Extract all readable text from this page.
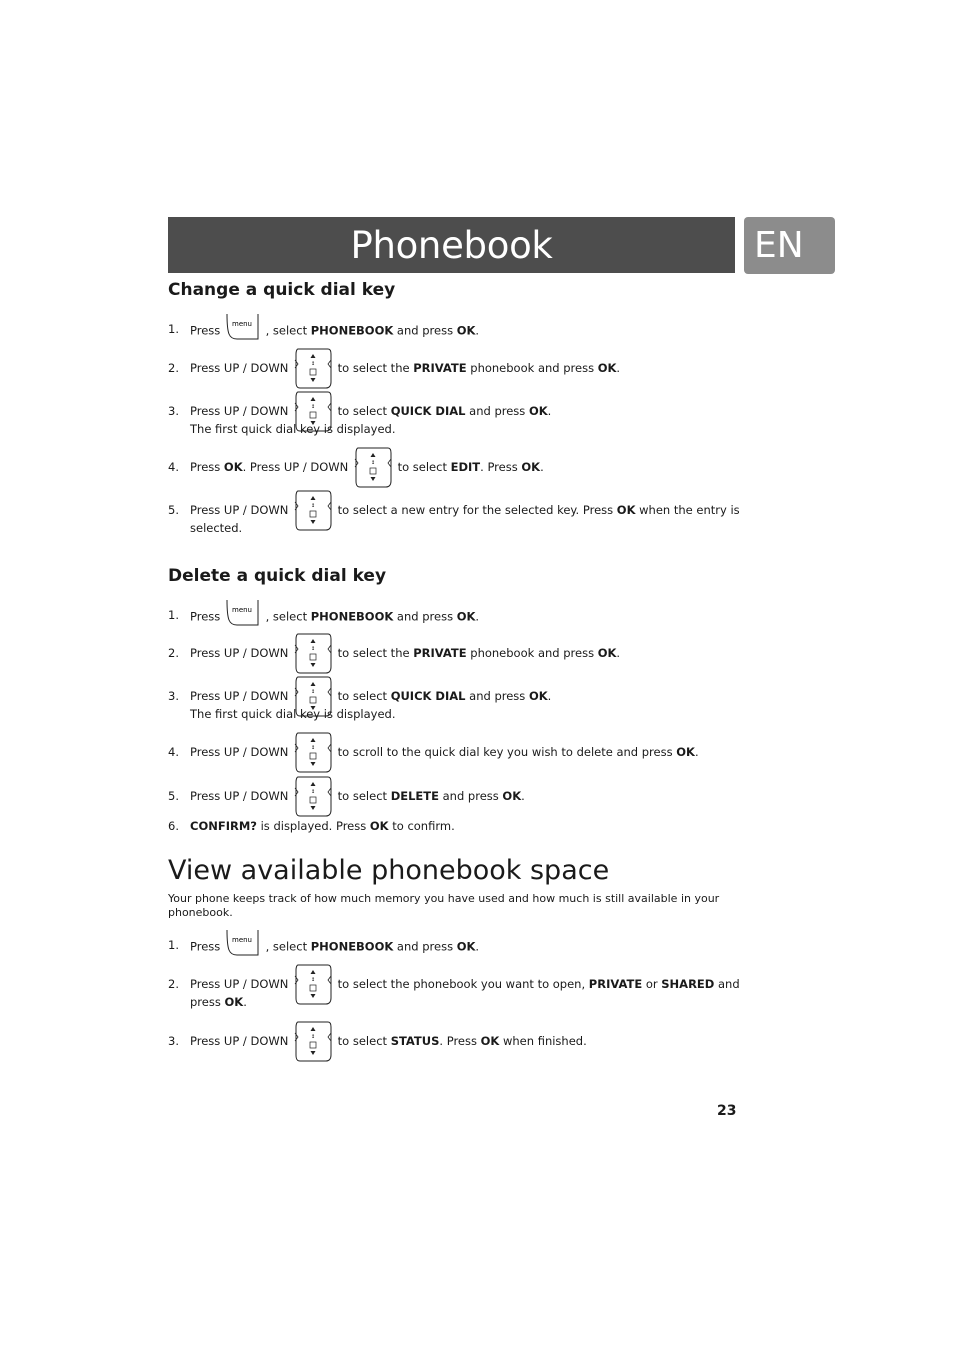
Phonebook	EN
Change a quick dial key
1. Press menu , select PHONEBOOK and press OK.
2. Press UP / DOWN	↕ to select the PRIVATE phonebook and press OK.
3. Press UP / DOWN	↕ to select QUICK DIAL and press OK.
The first quick dial key is displayed.
4. Press OK. Press UP / DOWN	↕ to select EDIT. Press OK.
5. Press UP / DOWN	↕ to select a new entry for the selected key. Press OK when the entry is
selected.
Delete a quick dial key
1. Press menu , select PHONEBOOK and press OK.
2. Press UP / DOWN	↕ to select the PRIVATE phonebook and press OK.
3. Press UP / DOWN	↕ to select QUICK DIAL and press OK.
The first quick dial key is displayed.
4. Press UP / DOWN	↕ to scroll to the quick dial key you wish to delete and press OK.
5. Press UP / DOWN	↕ to select DELETE and press OK.
6. CONFIRM? is displayed. Press OK to confirm.
View available phonebook space

Your phone keeps track of how much memory you have used and how much is still available in your phonebook.

1. Press menu , select PHONEBOOK and press OK.
2. Press UP / DOWN	↕ to select the phonebook you want to open, PRIVATE or SHARED and
press OK.
3. Press UP / DOWN	↕ to select STATUS. Press OK when finished.
23
